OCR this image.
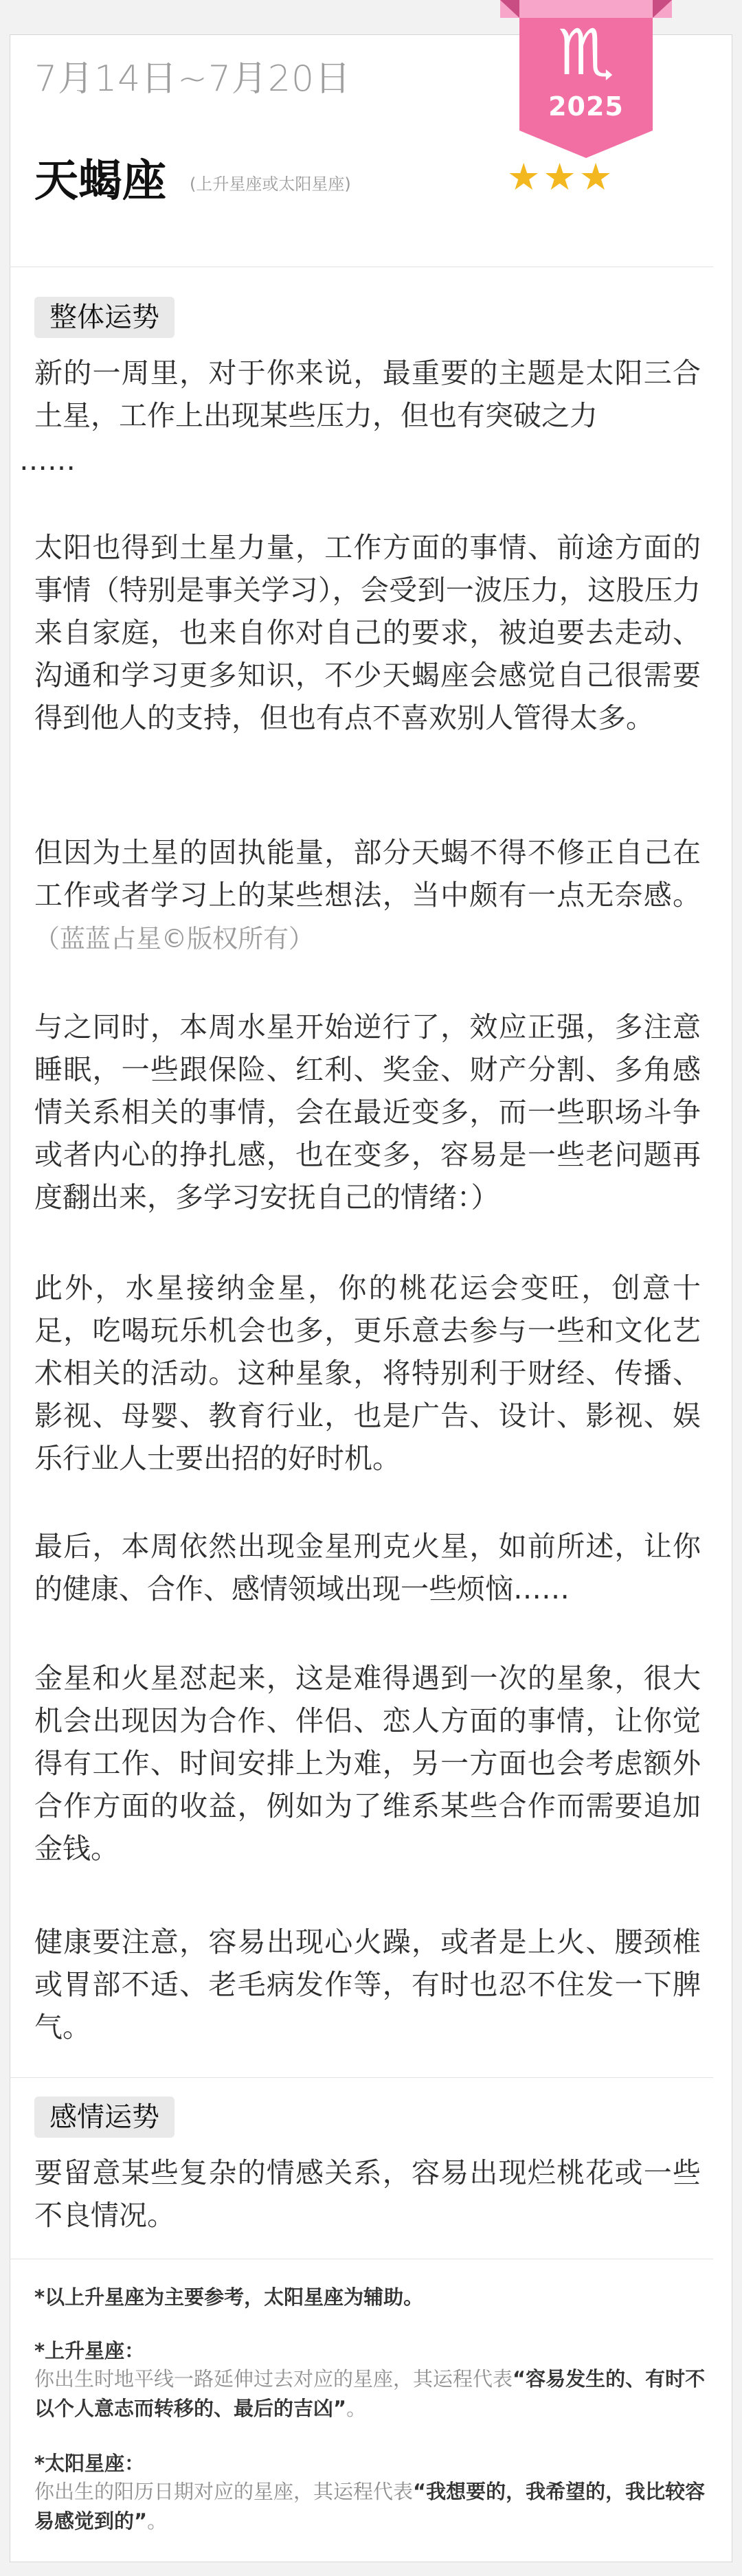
♏
2025
7月14日~7月20日
天蝎座 (上升星座或太阳星座)	★★★
整体运势
新的一周里，对于你来说，最重要的主题是太阳三合土星，工作上出现某些压力，但也有突破之力
……
太阳也得到土星力量，工作方面的事情、前途方面的事情（特别是事关学习），会受到一波压力，这股压力来自家庭，也来自你对自己的要求，被迫要去走动、沟通和学习更多知识，不少天蝎座会感觉自己很需要得到他人的支持，但也有点不喜欢别人管得太多。
但因为土星的固执能量，部分天蝎不得不修正自己在工作或者学习上的某些想法，当中颇有一点无奈感。（蓝蓝占星©版权所有）
与之同时，本周水星开始逆行了，效应正强，多注意睡眠，一些跟保险、红利、奖金、财产分割、多角感情关系相关的事情，会在最近变多，而一些职场斗争或者内心的挣扎感，也在变多，容易是一些老问题再度翻出来，多学习安抚自己的情绪：）
此外，水星接纳金星，你的桃花运会变旺，创意十足，吃喝玩乐机会也多，更乐意去参与一些和文化艺术相关的活动。这种星象，将特别利于财经、传播、影视、母婴、教育行业，也是广告、设计、影视、娱乐行业人士要出招的好时机。
最后，本周依然出现金星刑克火星，如前所述，让你的健康、合作、感情领域出现一些烦恼……
金星和火星怼起来，这是难得遇到一次的星象，很大机会出现因为合作、伴侣、恋人方面的事情，让你觉得有工作、时间安排上为难，另一方面也会考虑额外合作方面的收益，例如为了维系某些合作而需要追加金钱。
健康要注意，容易出现心火躁，或者是上火、腰颈椎或胃部不适、老毛病发作等，有时也忍不住发一下脾气。
感情运势
要留意某些复杂的情感关系，容易出现烂桃花或一些不良情况。
*以上升星座为主要参考，太阳星座为辅助。
*上升星座：
你出生时地平线一路延伸过去对应的星座，其运程代表“容易发生的、有时不以个人意志而转移的、最后的吉凶”。
*太阳星座：
你出生的阳历日期对应的星座，其运程代表“我想要的，我希望的，我比较容易感觉到的”。
